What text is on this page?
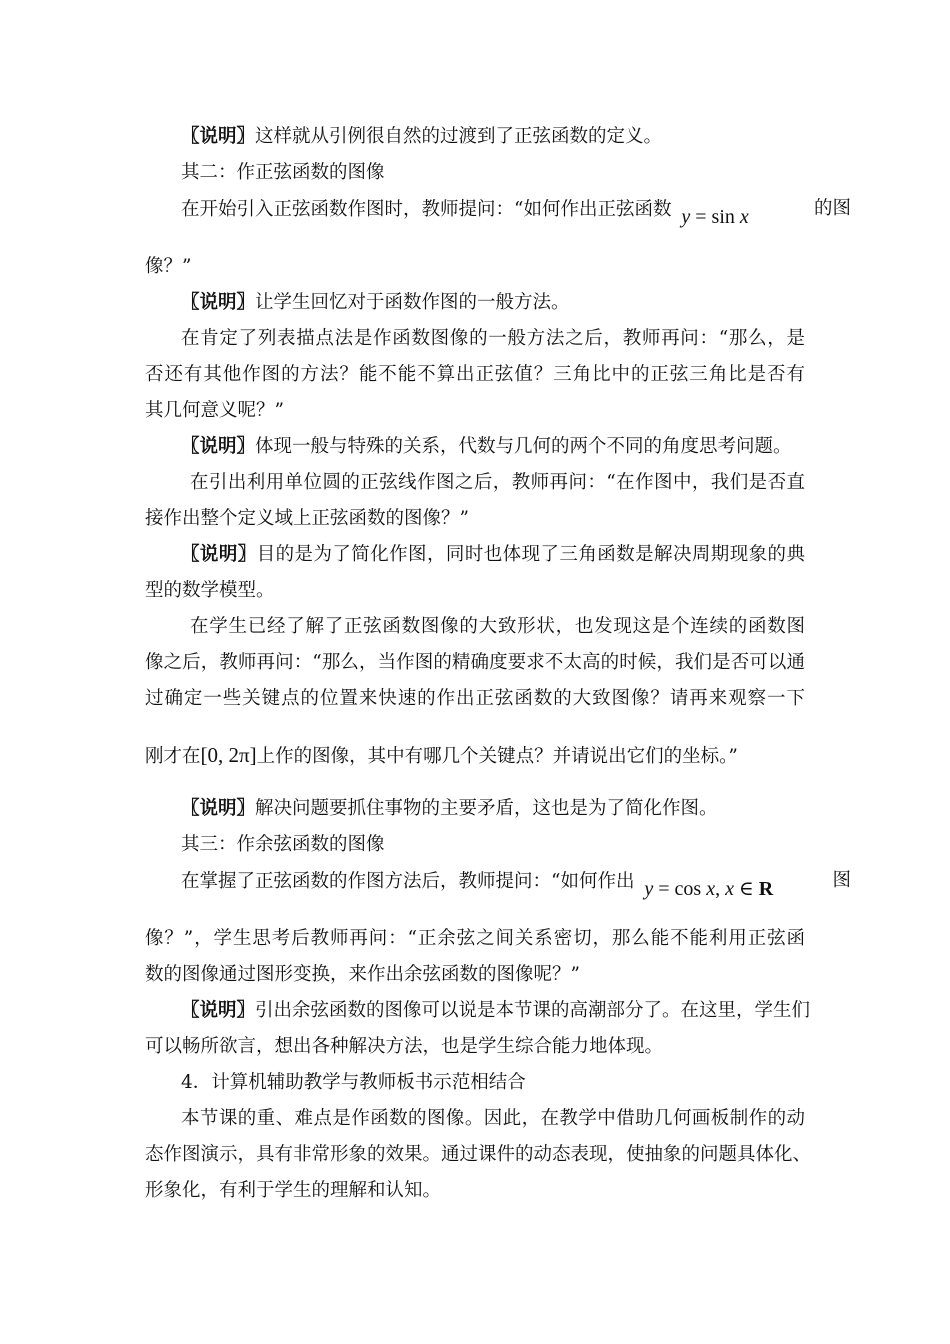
〖说明〗这样就从引例很自然的过渡到了正弦函数的定义。
其二：作正弦函数的图像
在开始引入正弦函数作图时，教师提问：“如何作出正弦函数 y = sin x	的图
像？”
〖说明〗让学生回忆对于函数作图的一般方法。
在肯定了列表描点法是作函数图像的一般方法之后，教师再问：“那么，是
否还有其他作图的方法？能不能不算出正弦值？三角比中的正弦三角比是否有
其几何意义呢？”
〖说明〗体现一般与特殊的关系，代数与几何的两个不同的角度思考问题。
在引出利用单位圆的正弦线作图之后，教师再问：“在作图中，我们是否直
接作出整个定义域上正弦函数的图像？”
〖说明〗目的是为了简化作图，同时也体现了三角函数是解决周期现象的典
型的数学模型。
在学生已经了解了正弦函数图像的大致形状，也发现这是个连续的函数图
像之后，教师再问：“那么，当作图的精确度要求不太高的时候，我们是否可以通
过确定一些关键点的位置来快速的作出正弦函数的大致图像？请再来观察一下
刚才在[0, 2π]上作的图像，其中有哪几个关键点？并请说出它们的坐标。”
〖说明〗解决问题要抓住事物的主要矛盾，这也是为了简化作图。
其三：作余弦函数的图像
在掌握了正弦函数的作图方法后，教师提问：“如何作出 y = cos x, x ∈ R	图
像？”，学生思考后教师再问：“正余弦之间关系密切，那么能不能利用正弦函
数的图像通过图形变换，来作出余弦函数的图像呢？”
〖说明〗引出余弦函数的图像可以说是本节课的高潮部分了。在这里，学生们
可以畅所欲言，想出各种解决方法，也是学生综合能力地体现。
4．计算机辅助教学与教师板书示范相结合
本节课的重、难点是作函数的图像。因此，在教学中借助几何画板制作的动
态作图演示，具有非常形象的效果。通过课件的动态表现，使抽象的问题具体化、
形象化，有利于学生的理解和认知。
